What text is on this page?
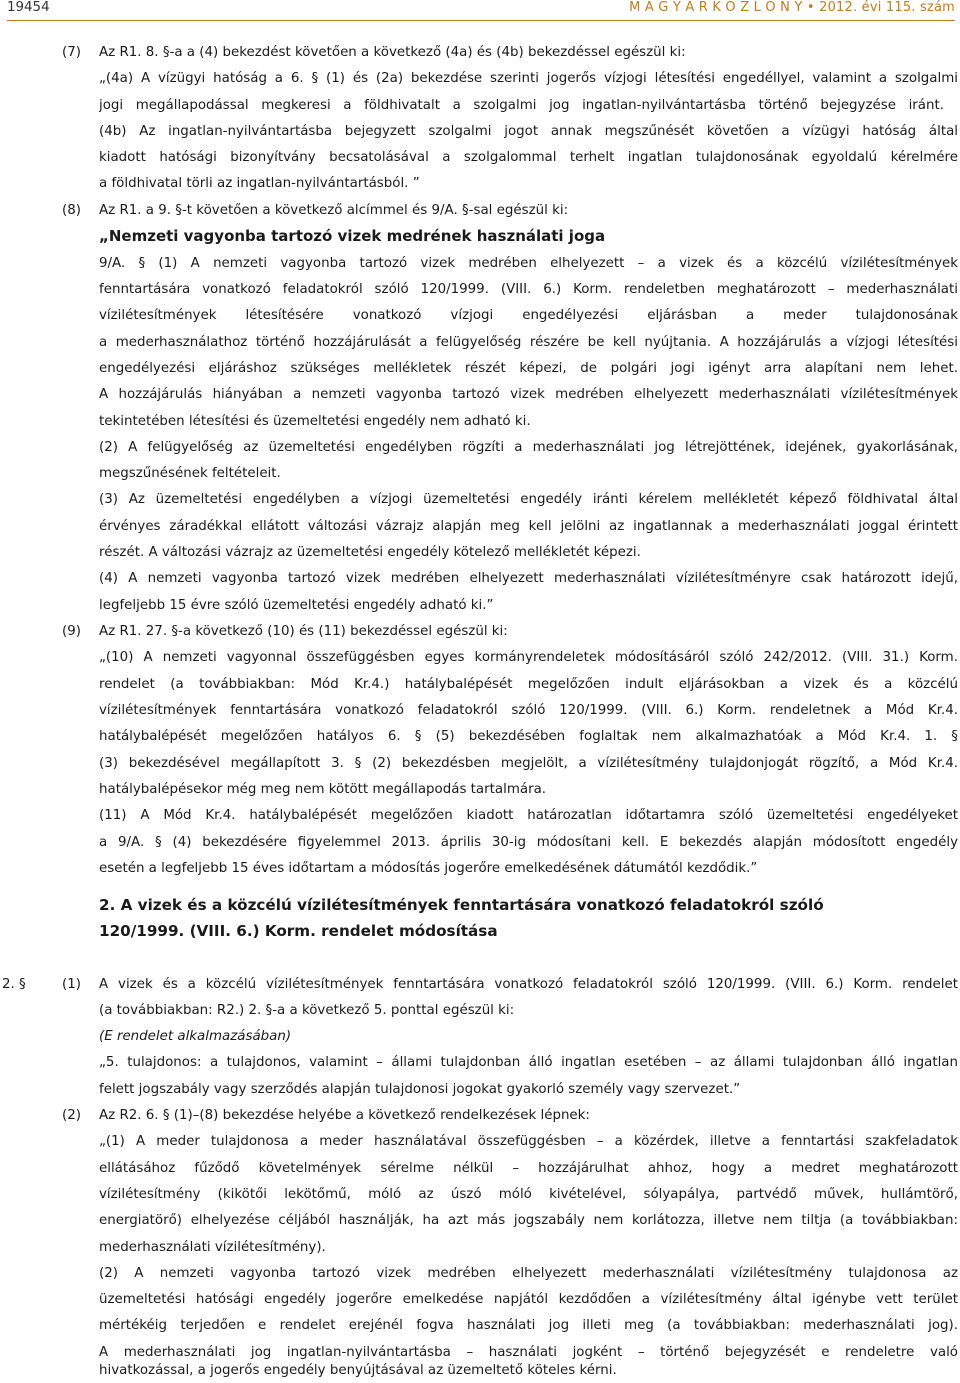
19454	M A G Y A R K Ö Z L Ö N Y • 2012. évi 115. szám
(7) Az R1. 8. §-a a (4) bekezdést követően a következő (4a) és (4b) bekezdéssel egészül ki:
„(4a) A vízügyi hatóság a 6. § (1) és (2a) bekezdése szerinti jogerős vízjogi létesítési engedéllyel, valamint a szolgalmi
jogi megállapodással megkeresi a földhivatalt a szolgalmi jog ingatlan-nyilvántartásba történő bejegyzése iránt.
(4b) Az ingatlan-nyilvántartásba bejegyzett szolgalmi jogot annak megszűnését követően a vízügyi hatóság által
kiadott hatósági bizonyítvány becsatolásával a szolgalommal terhelt ingatlan tulajdonosának egyoldalú kérelmére
a földhivatal törli az ingatlan-nyilvántartásból. ”
(8) Az R1. a 9. §-t követően a következő alcímmel és 9/A. §-sal egészül ki:
„Nemzeti vagyonba tartozó vizek medrének használati joga
9/A. § (1) A nemzeti vagyonba tartozó vizek medrében elhelyezett – a vizek és a közcélú vízilétesítmények
fenntartására vonatkozó feladatokról szóló 120/1999. (VIII. 6.) Korm. rendeletben meghatározott – mederhasználati
vízilétesítmények létesítésére vonatkozó vízjogi engedélyezési eljárásban a meder tulajdonosának
a mederhasználathoz történő hozzájárulását a felügyelőség részére be kell nyújtania. A hozzájárulás a vízjogi létesítési
engedélyezési eljáráshoz szükséges mellékletek részét képezi, de polgári jogi igényt arra alapítani nem lehet.
A hozzájárulás hiányában a nemzeti vagyonba tartozó vizek medrében elhelyezett mederhasználati vízilétesítmények
tekintetében létesítési és üzemeltetési engedély nem adható ki.
(2) A felügyelőség az üzemeltetési engedélyben rögzíti a mederhasználati jog létrejöttének, idejének, gyakorlásának,
megszűnésének feltételeit.
(3) Az üzemeltetési engedélyben a vízjogi üzemeltetési engedély iránti kérelem mellékletét képező földhivatal által
érvényes záradékkal ellátott változási vázrajz alapján meg kell jelölni az ingatlannak a mederhasználati joggal érintett
részét. A változási vázrajz az üzemeltetési engedély kötelező mellékletét képezi.
(4) A nemzeti vagyonba tartozó vizek medrében elhelyezett mederhasználati vízilétesítményre csak határozott idejű,
legfeljebb 15 évre szóló üzemeltetési engedély adható ki.”
(9) Az R1. 27. §-a következő (10) és (11) bekezdéssel egészül ki:
„(10) A nemzeti vagyonnal összefüggésben egyes kormányrendeletek módosításáról szóló 242/2012. (VIII. 31.) Korm.
rendelet (a továbbiakban: Mód Kr.4.) hatálybalépését megelőzően indult eljárásokban a vizek és a közcélú
vízilétesítmények fenntartására vonatkozó feladatokról szóló 120/1999. (VIII. 6.) Korm. rendeletnek a Mód Kr.4.
hatálybalépését megelőzően hatályos 6. § (5) bekezdésében foglaltak nem alkalmazhatóak a Mód Kr.4. 1. §
(3) bekezdésével megállapított 3. § (2) bekezdésben megjelölt, a vízilétesítmény tulajdonjogát rögzítő, a Mód Kr.4.
hatálybalépésekor még meg nem kötött megállapodás tartalmára.
(11) A Mód Kr.4. hatálybalépését megelőzően kiadott határozatlan időtartamra szóló üzemeltetési engedélyeket
a 9/A. § (4) bekezdésére figyelemmel 2013. április 30-ig módosítani kell. E bekezdés alapján módosított engedély
esetén a legfeljebb 15 éves időtartam a módosítás jogerőre emelkedésének dátumától kezdődik.”
2. A vizek és a közcélú vízilétesítmények fenntartására vonatkozó feladatokról szóló
120/1999. (VIII. 6.) Korm. rendelet módosítása
2. §	(1) A vizek és a közcélú vízilétesítmények fenntartására vonatkozó feladatokról szóló 120/1999. (VIII. 6.) Korm. rendelet
(a továbbiakban: R2.) 2. §-a a következő 5. ponttal egészül ki:
(E rendelet alkalmazásában)
„5. tulajdonos: a tulajdonos, valamint – állami tulajdonban álló ingatlan esetében – az állami tulajdonban álló ingatlan
felett jogszabály vagy szerződés alapján tulajdonosi jogokat gyakorló személy vagy szervezet.”
(2) Az R2. 6. § (1)–(8) bekezdése helyébe a következő rendelkezések lépnek:
„(1) A meder tulajdonosa a meder használatával összefüggésben – a közérdek, illetve a fenntartási szakfeladatok
ellátásához fűződő követelmények sérelme nélkül – hozzájárulhat ahhoz, hogy a medret meghatározott
vízilétesítmény (kikötői lekötőmű, móló az úszó móló kivételével, sólyapálya, partvédő művek, hullámtörő,
energiatörő) elhelyezése céljából használják, ha azt más jogszabály nem korlátozza, illetve nem tiltja (a továbbiakban:
mederhasználati vízilétesítmény).
(2) A nemzeti vagyonba tartozó vizek medrében elhelyezett mederhasználati vízilétesítmény tulajdonosa az
üzemeltetési hatósági engedély jogerőre emelkedése napjától kezdődően a vízilétesítmény által igénybe vett terület
mértékéig terjedően e rendelet erejénél fogva használati jog illeti meg (a továbbiakban: mederhasználati jog).
A mederhasználati jog ingatlan-nyilvántartásba – használati jogként – történő bejegyzését e rendeletre való
hivatkozással, a jogerős engedély benyújtásával az üzemeltető köteles kérni.
